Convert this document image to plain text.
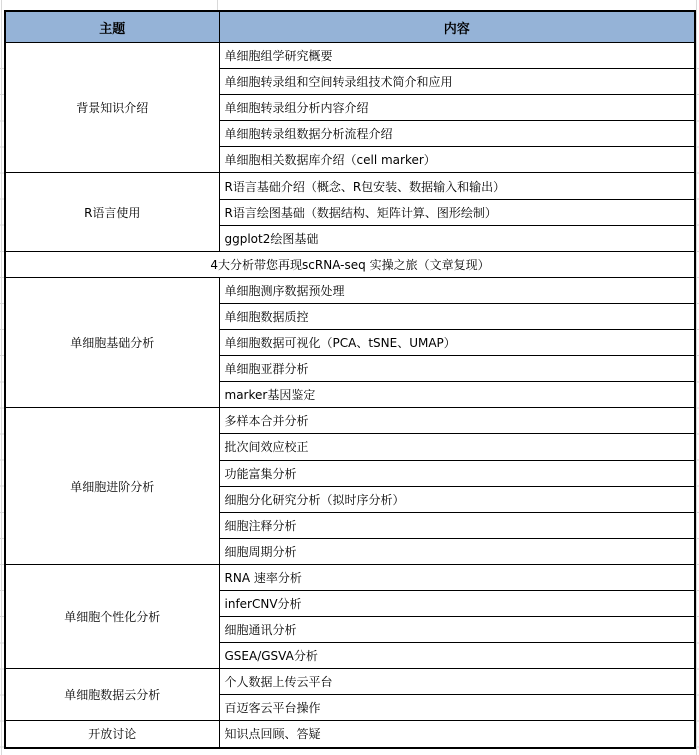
主题	内容
背景知识介绍	单细胞组学研究概要
	单细胞转录组和空间转录组技术简介和应用
	单细胞转录组分析内容介绍
	单细胞转录组数据分析流程介绍
	单细胞相关数据库介绍（cell marker）
R语言使用	R语言基础介绍（概念、R包安装、数据输入和输出）
	R语言绘图基础（数据结构、矩阵计算、图形绘制）
	ggplot2绘图基础
4大分析带您再现scRNA-seq 实操之旅（文章复现）	
单细胞基础分析	单细胞测序数据预处理
	单细胞数据质控
	单细胞数据可视化（PCA、tSNE、UMAP）
	单细胞亚群分析
	marker基因鉴定
单细胞进阶分析	多样本合并分析
	批次间效应校正
	功能富集分析
	细胞分化研究分析（拟时序分析）
	细胞注释分析
	细胞周期分析
单细胞个性化分析	RNA 速率分析
	inferCNV分析
	细胞通讯分析
	GSEA/GSVA分析
单细胞数据云分析	个人数据上传云平台
	百迈客云平台操作
开放讨论	知识点回顾、答疑
